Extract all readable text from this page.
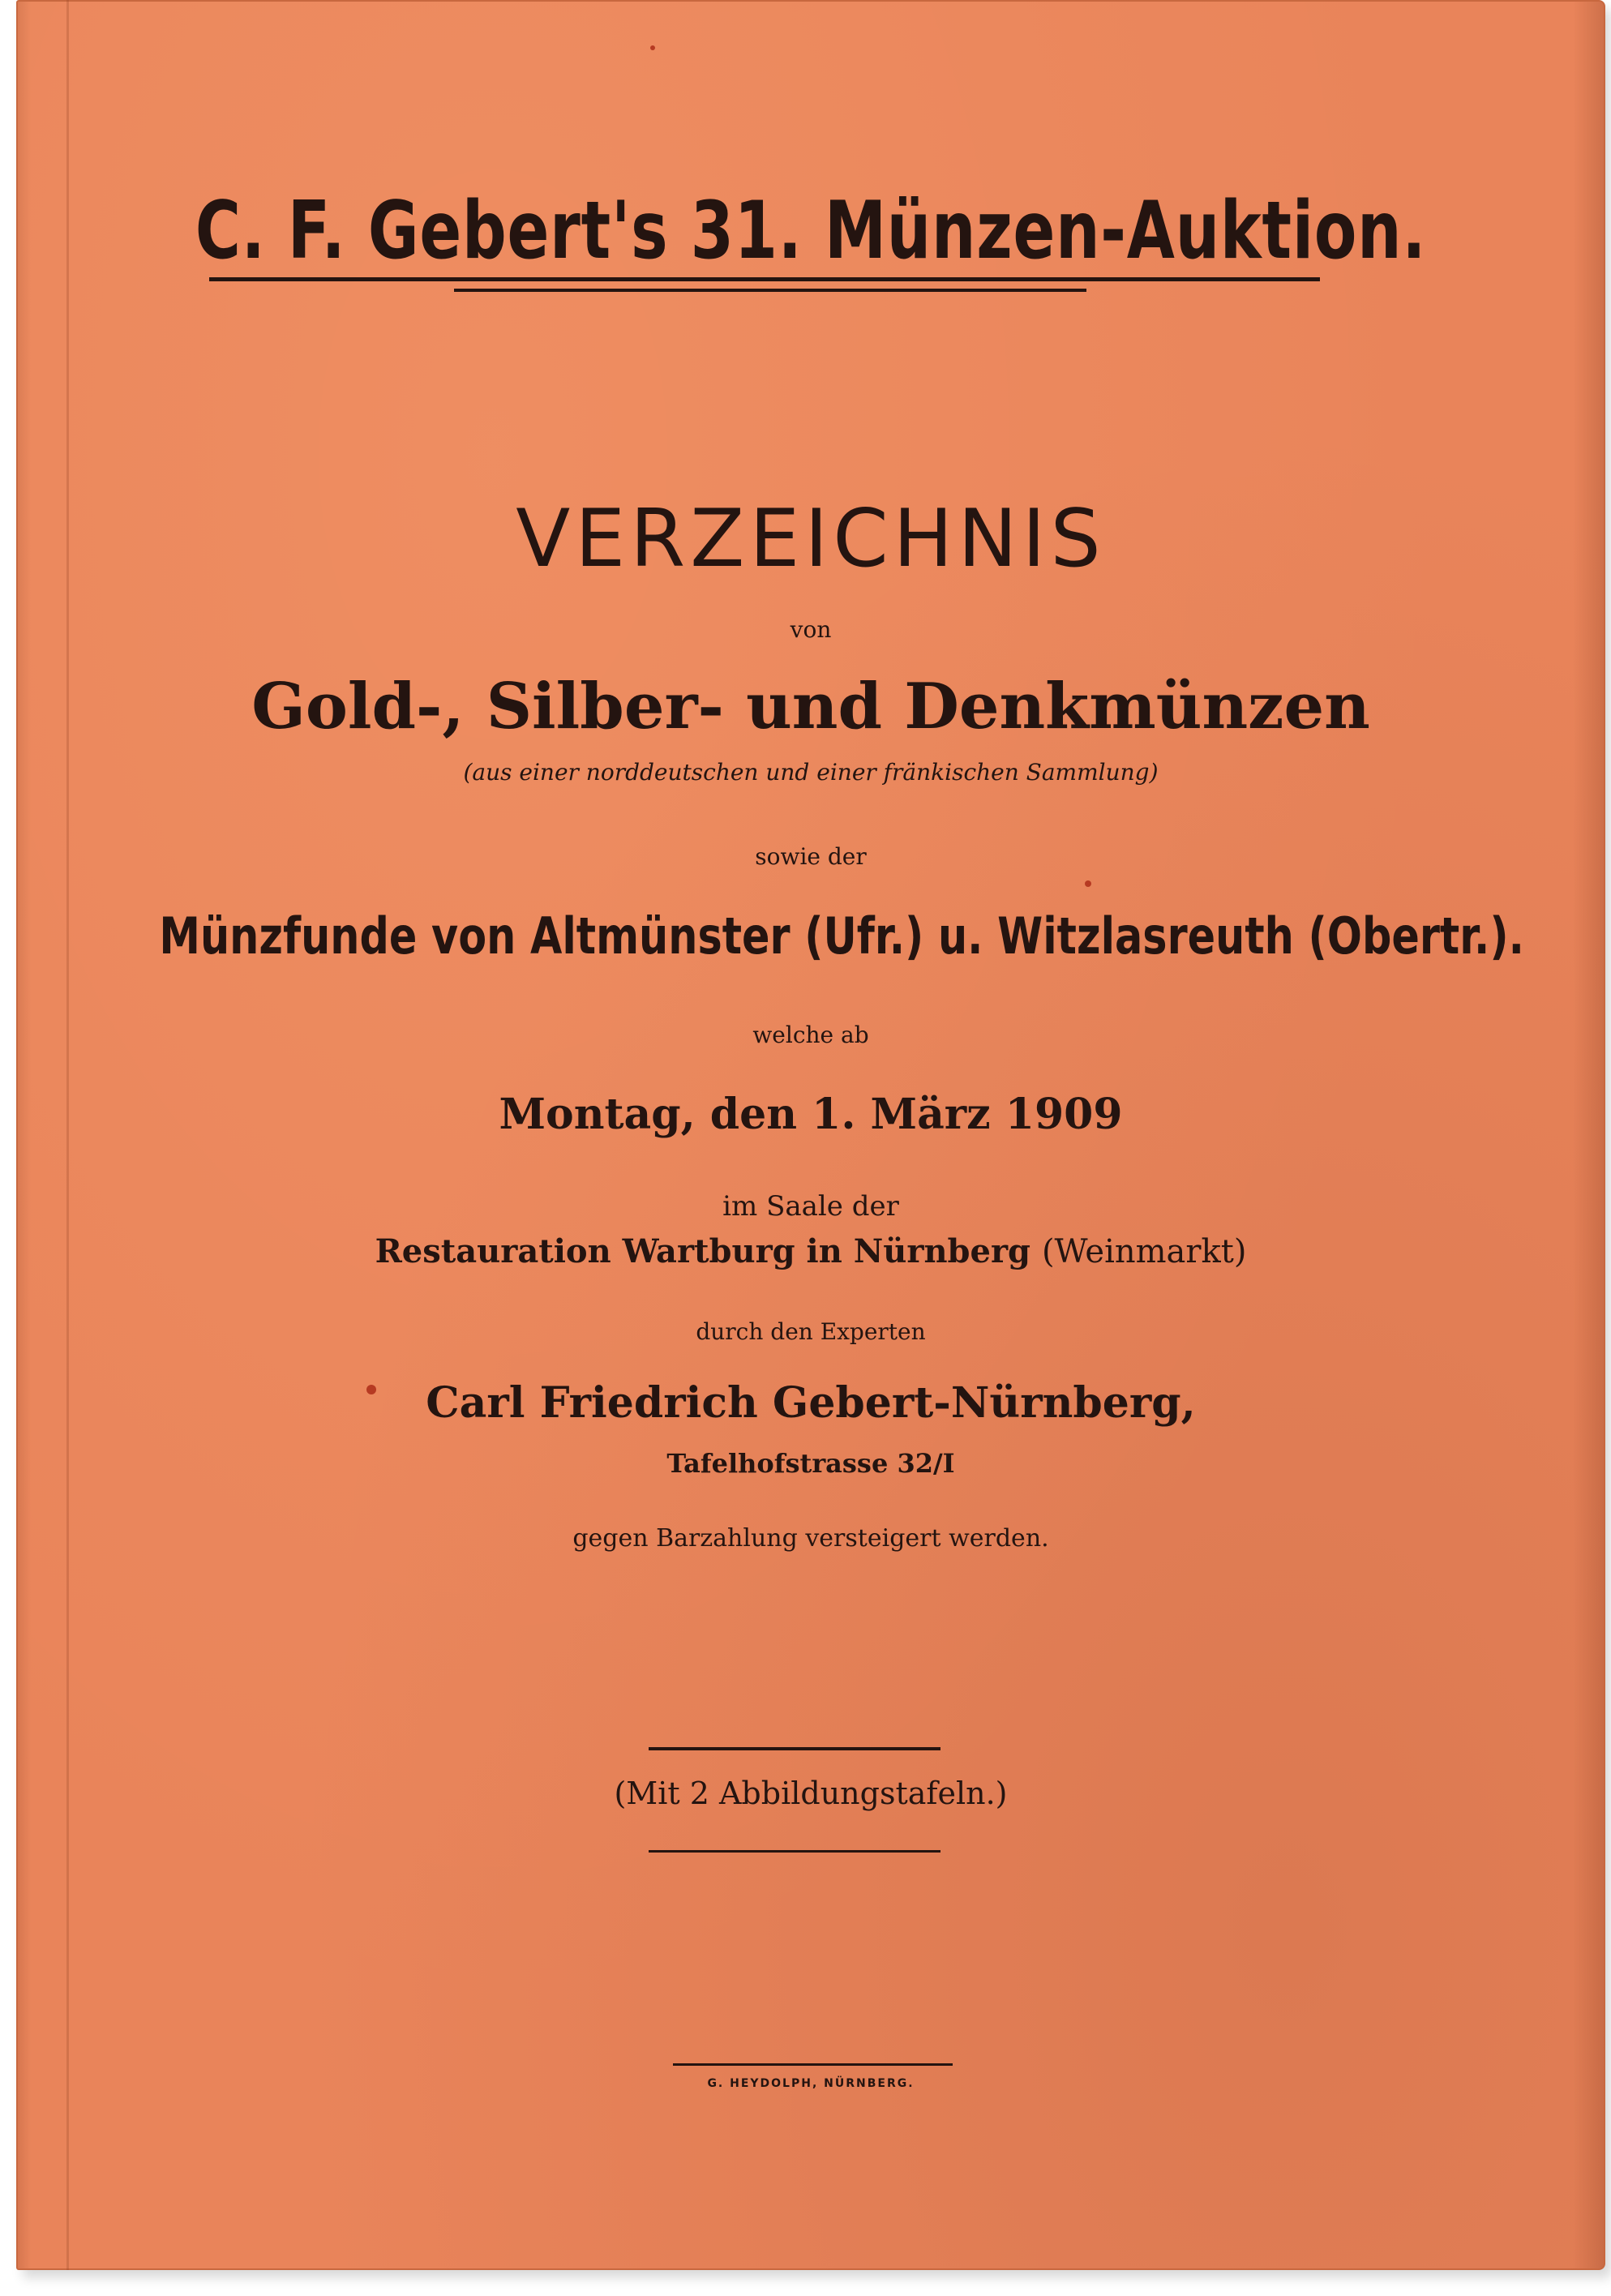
C. F. Gebert's 31. Münzen-Auktion.
VERZEICHNIS
von
Gold-, Silber- und Denkmünzen
(aus einer norddeutschen und einer fränkischen Sammlung)
sowie der
Münzfunde von Altmünster (Ufr.) u. Witzlasreuth (Obertr.).
welche ab
Montag, den 1. März 1909
im Saale der
Restauration Wartburg in Nürnberg (Weinmarkt)
durch den Experten
Carl Friedrich Gebert-Nürnberg,
Tafelhofstrasse 32/I
gegen Barzahlung versteigert werden.
(Mit 2 Abbildungstafeln.)
G. HEYDOLPH, NÜRNBERG.
